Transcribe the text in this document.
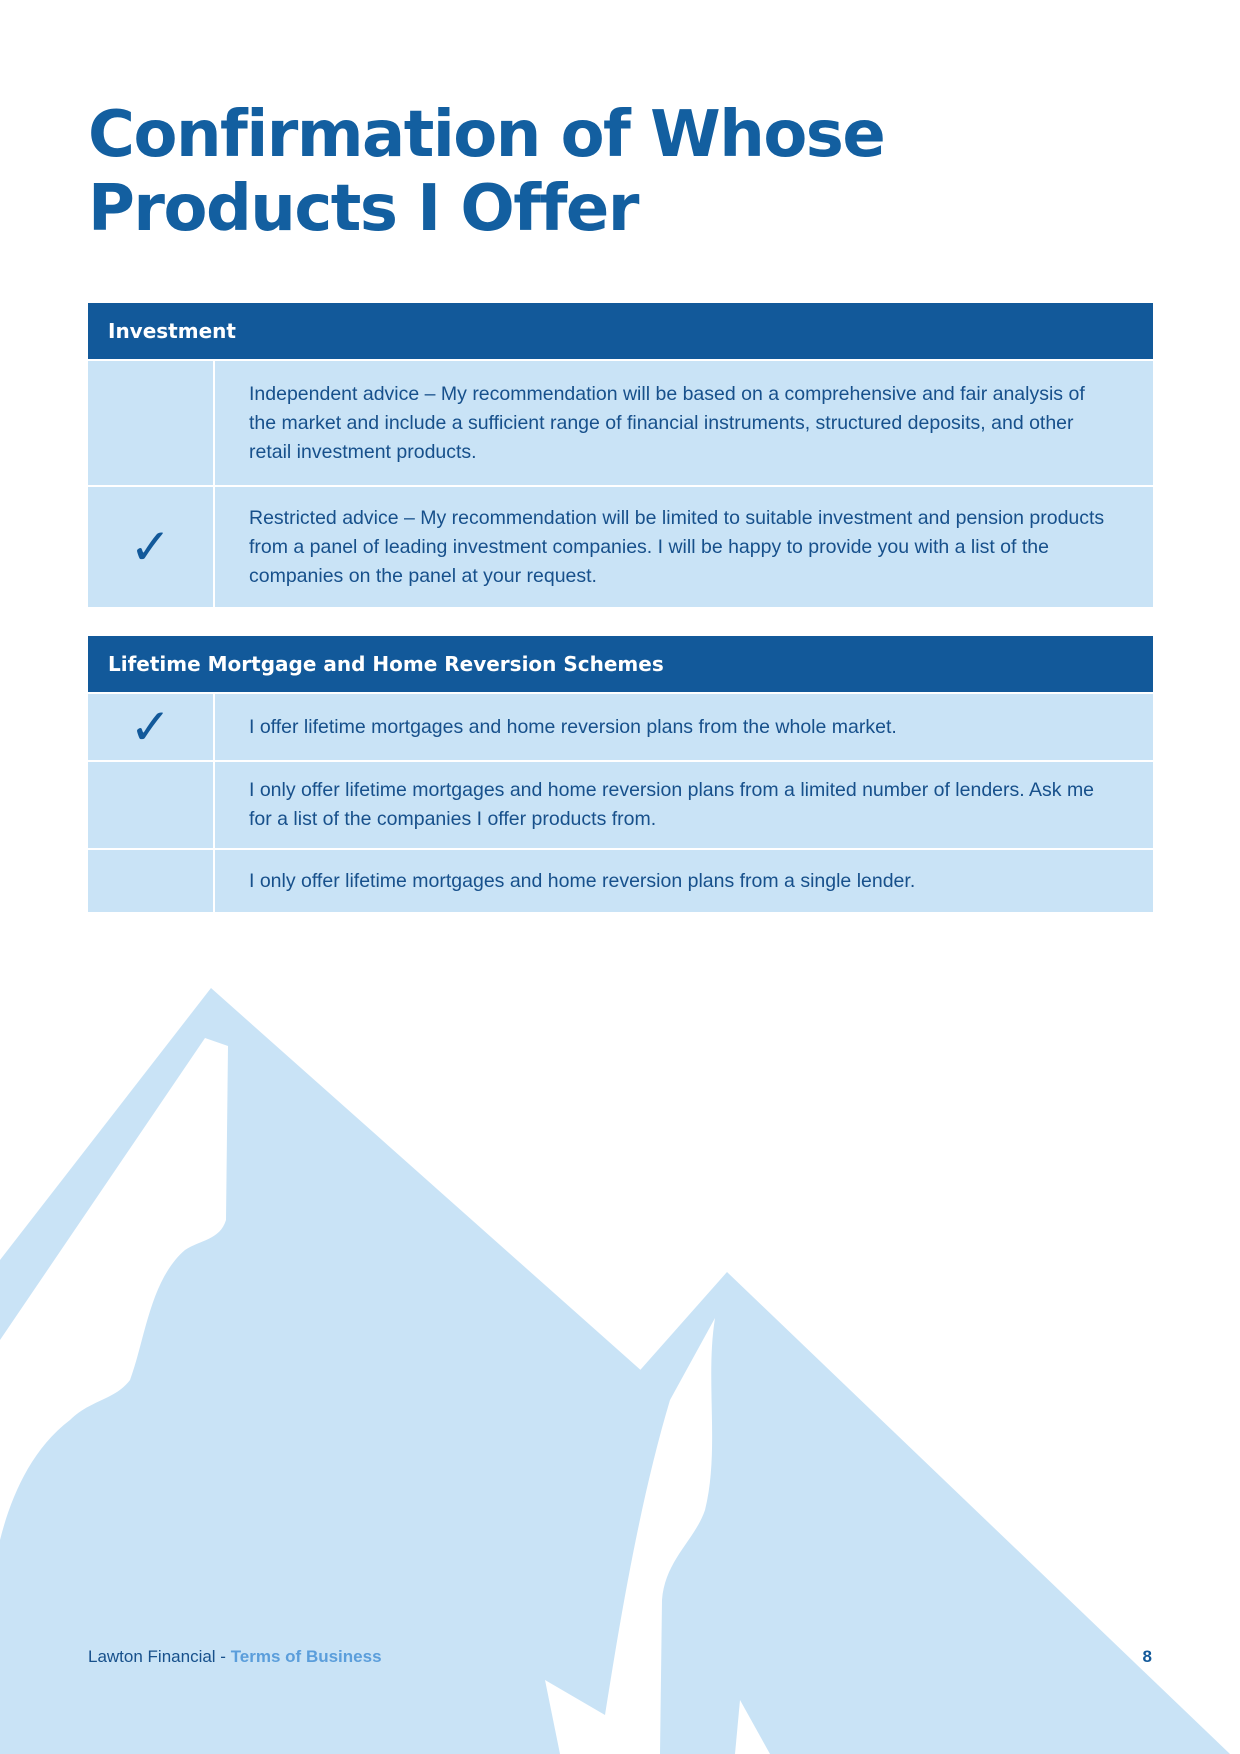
Confirmation of Whose
Products I Offer
Investment
Independent advice – My recommendation will be based on a comprehensive and fair analysis of the market and include a sufficient range of financial instruments, structured deposits, and other retail investment products.
✓
Restricted advice – My recommendation will be limited to suitable investment and pension products from a panel of leading investment companies. I will be happy to provide you with a list of the companies on the panel at your request.
Lifetime Mortgage and Home Reversion Schemes
✓	I offer lifetime mortgages and home reversion plans from the whole market.
I only offer lifetime mortgages and home reversion plans from a limited number of lenders. Ask me for a list of the companies I offer products from.
I only offer lifetime mortgages and home reversion plans from a single lender.
Lawton Financial - Terms of Business	8
